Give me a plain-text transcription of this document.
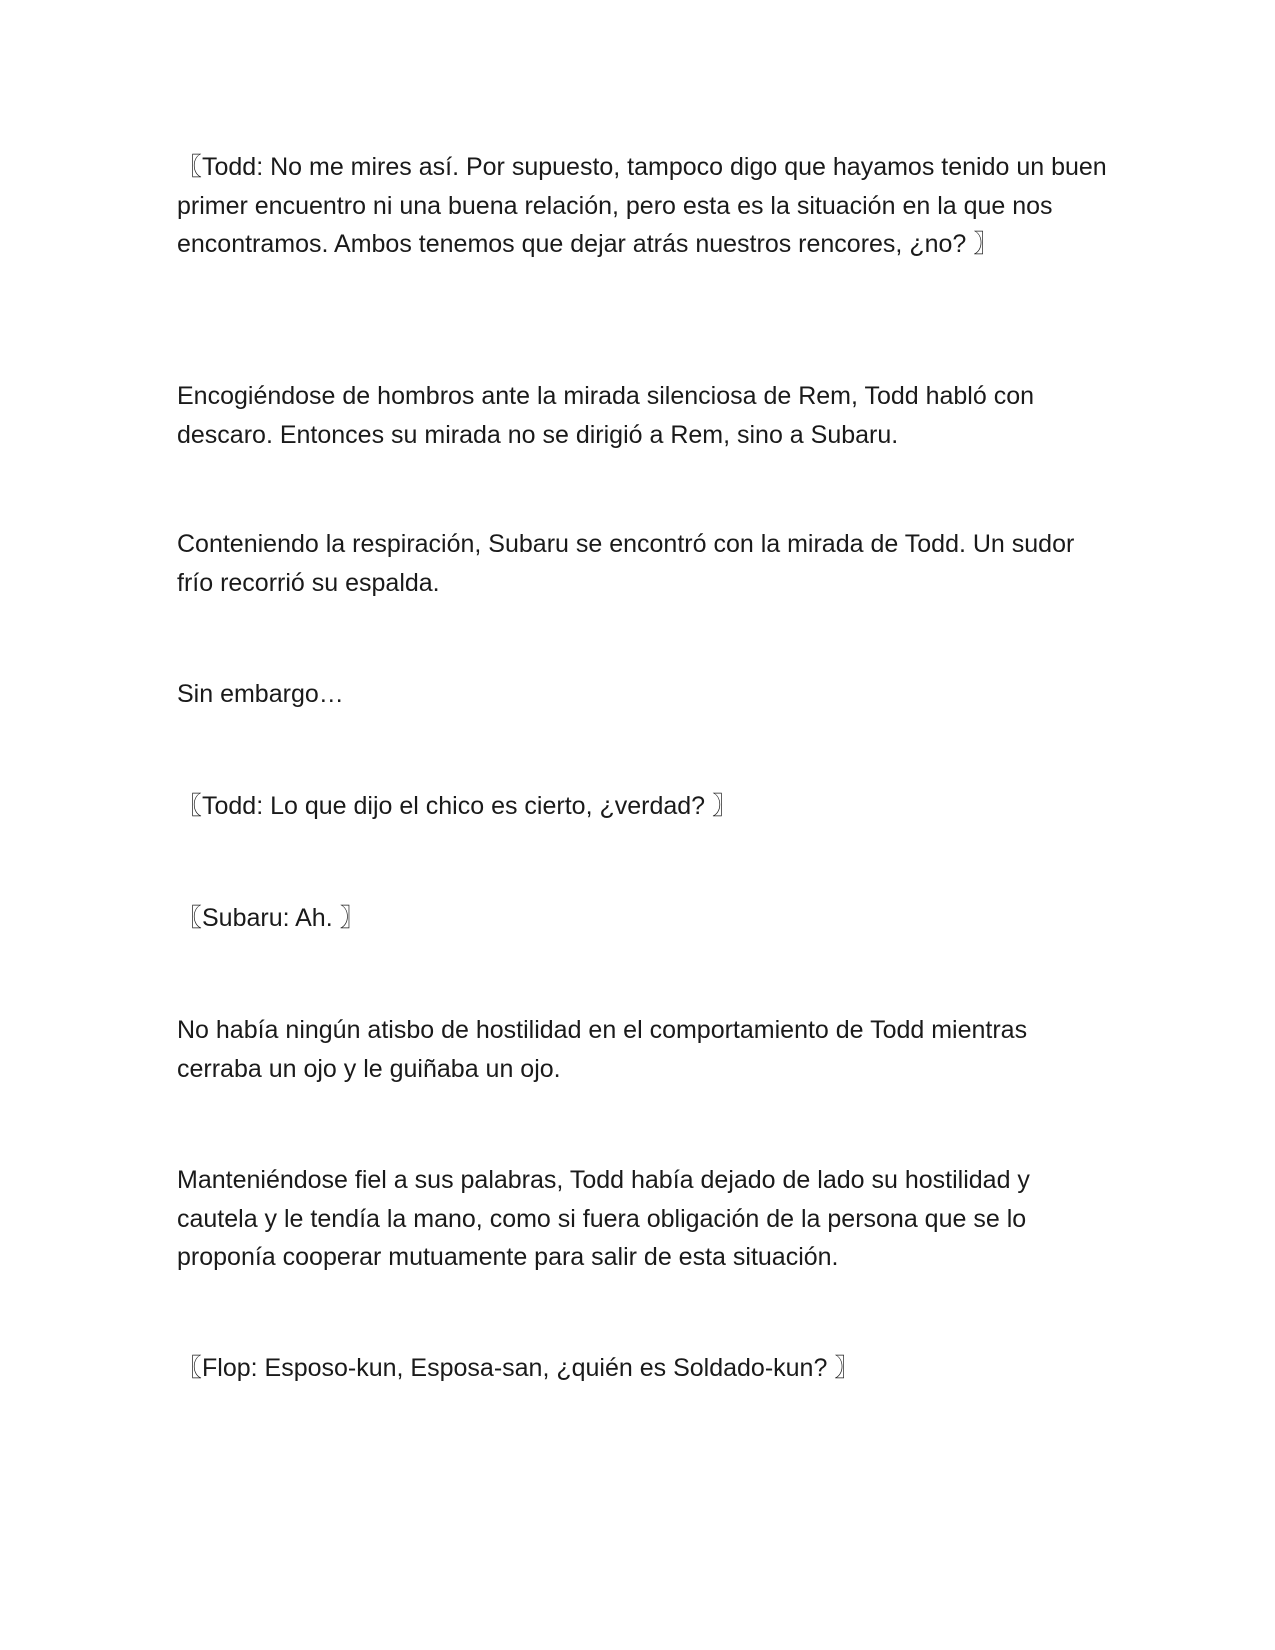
〖Todd: No me mires así. Por supuesto, tampoco digo que hayamos tenido un buen primer encuentro ni una buena relación, pero esta es la situación en la que nos encontramos. Ambos tenemos que dejar atrás nuestros rencores, ¿no? 〗

Encogiéndose de hombros ante la mirada silenciosa de Rem, Todd habló con descaro. Entonces su mirada no se dirigió a Rem, sino a Subaru.

Conteniendo la respiración, Subaru se encontró con la mirada de Todd. Un sudor frío recorrió su espalda.

Sin embargo…

〖Todd: Lo que dijo el chico es cierto, ¿verdad? 〗

〖Subaru: Ah. 〗

No había ningún atisbo de hostilidad en el comportamiento de Todd mientras cerraba un ojo y le guiñaba un ojo.

Manteniéndose fiel a sus palabras, Todd había dejado de lado su hostilidad y cautela y le tendía la mano, como si fuera obligación de la persona que se lo proponía cooperar mutuamente para salir de esta situación.

〖Flop: Esposo-kun, Esposa-san, ¿quién es Soldado-kun? 〗
